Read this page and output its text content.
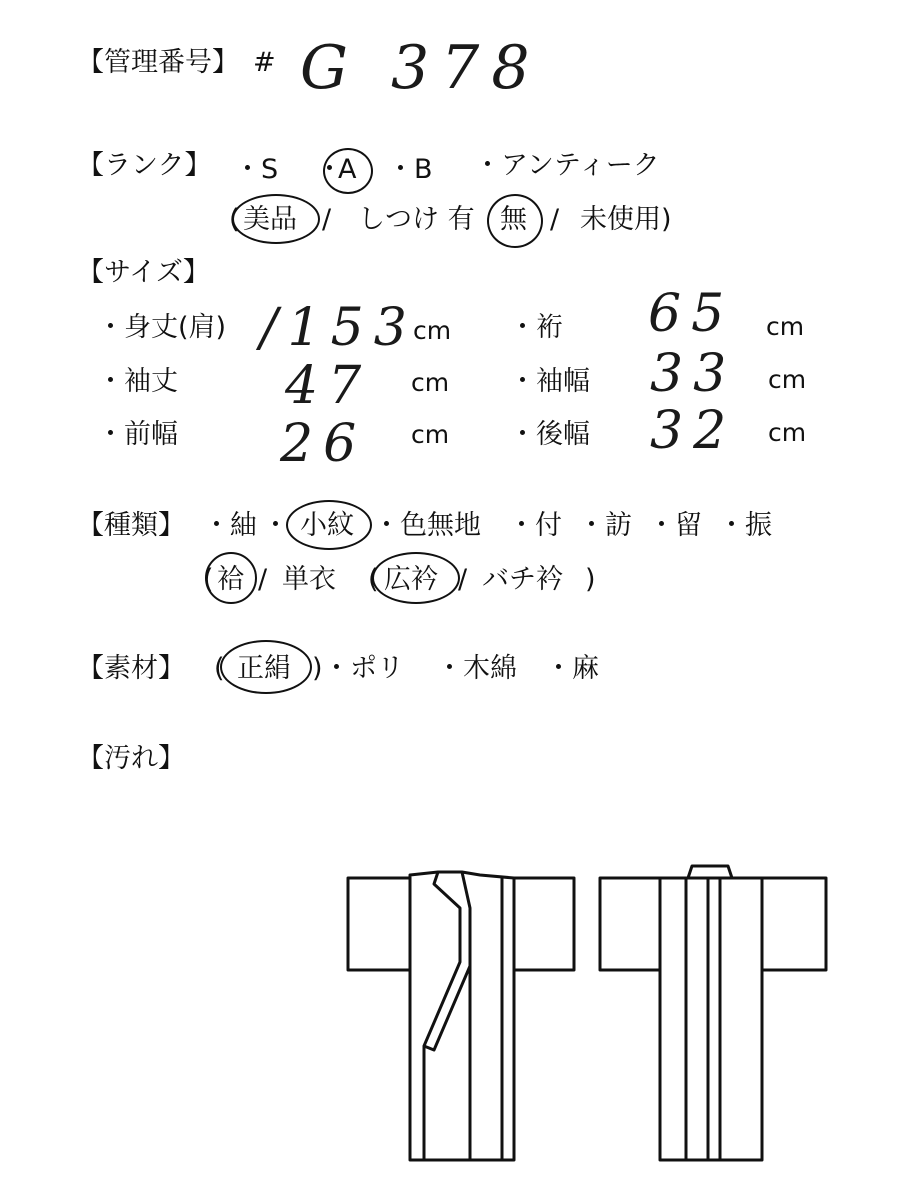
【管理番号】 # G 378
【ランク】 ・S ・
A ・B ・アンティーク
( 美品 / しつけ 有 無 / 未使用)
【サイズ】
・身丈(肩) /153
cm ・裄 65 cm
・袖丈 47 cm ・袖幅 33 cm
・前幅 26 cm ・後幅 32 cm
【種類】 ・紬 ・ 小紋 ・色無地 ・付 ・訪 ・留 ・振
( 袷 / 単衣 ( 広衿 / バチ衿 )
【素材】 ( 正絹 ) ・ポリ ・木綿 ・麻
【汚れ】
